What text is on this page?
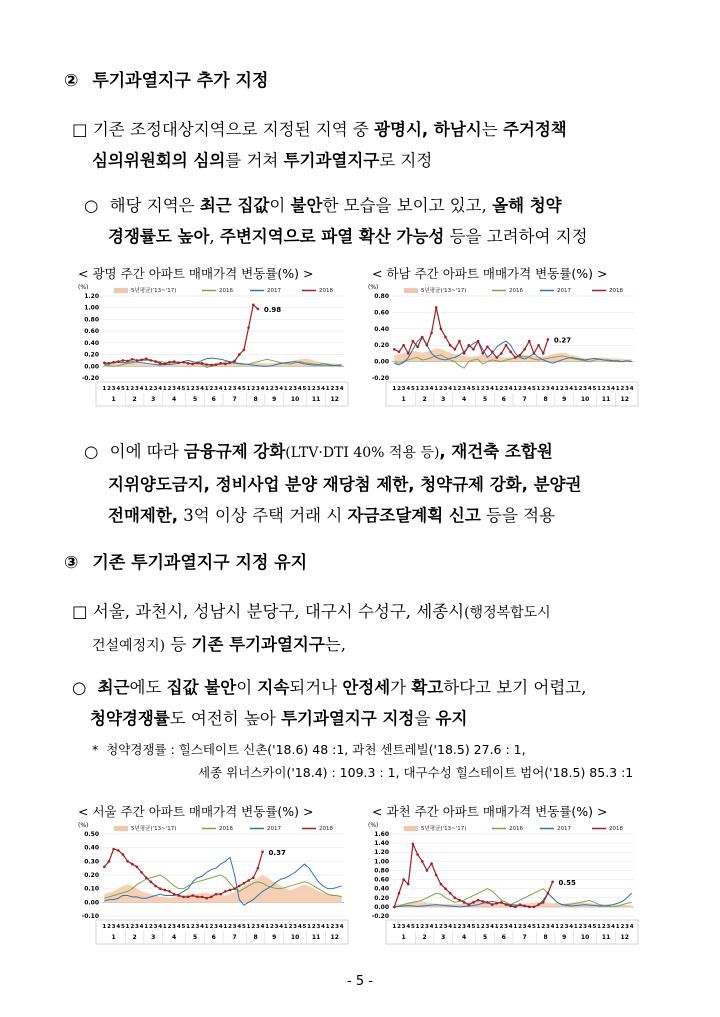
② 투기과열지구 추가 지정
□ 기존 조정대상지역으로 지정된 지역 중 광명시, 하남시는 주거정책
심의위원회의 심의를 거쳐 투기과열지구로 지정
○ 해당 지역은 최근 집값이 불안한 모습을 보이고 있고, 올해 청약
경쟁률도 높아, 주변지역으로 파열 확산 가능성 등을 고려하여 지정
< 광명 주간 아파트 매매가격 변동률(%) >
(%)	5년평균('13~'17)	2016	2017	2018
1.20
1.00
0.80
0.60
0.40
0.20
0.00
-0.20
0.98
1 2 3 4 5
1
1 2 3 4
2
1 2 3 4
3
1 2 3 4 5
4
1 2 3 4
5
1 2 3 4
6
1 2 3 4 5
7
1 2 3 4
8
1 2 3 4
9
1 2 3 4 5
10
1 2 3 4
11
1 2 3 4
12
< 하남 주간 아파트 매매가격 변동률(%) >
(%)	5년평균('13~'17)	2016	2017	2018
0.80
0.60
0.40
0.20
0.00
-0.20
0.27
1 2 3 4 5
1
1 2 3 4
2
1 2 3 4
3
1 2 3 4 5
4
1 2 3 4
5
1 2 3 4
6
1 2 3 4 5
7
1 2 3 4
8
1 2 3 4
9
1 2 3 4 5
10
1 2 3 4
11
1 2 3 4
12
○ 이에 따라 금융규제 강화(LTV·DTI 40% 적용 등), 재건축 조합원
지위양도금지, 정비사업 분양 재당첨 제한, 청약규제 강화, 분양권
전매제한, 3억 이상 주택 거래 시 자금조달계획 신고 등을 적용
③ 기존 투기과열지구 지정 유지
□ 서울, 과천시, 성남시 분당구, 대구시 수성구, 세종시(행정복합도시
건설예정지) 등 기존 투기과열지구는,
○ 최근에도 집값 불안이 지속되거나 안정세가 확고하다고 보기 어렵고,
청약경쟁률도 여전히 높아 투기과열지구 지정을 유지
* 청약경쟁률 : 힐스테이트 신촌('18.6) 48 :1, 과천 센트레빌('18.5) 27.6 : 1,
세종 위너스카이('18.4) : 109.3 : 1, 대구수성 힐스테이트 범어('18.5) 85.3 :1
< 서울 주간 아파트 매매가격 변동률(%) >
(%)	5년평균('13~'17)	2016	2017	2018
0.50
0.40
0.30
0.20
0.10
0.00
-0.10
0.37
1 2 3 4 5
1
1 2 3 4
2
1 2 3 4
3
1 2 3 4 5
4
1 2 3 4
5
1 2 3 4
6
1 2 3 4 5
7
1 2 3 4
8
1 2 3 4
9
1 2 3 4 5
10
1 2 3 4
11
1 2 3 4
12
< 과천 주간 아파트 매매가격 변동률(%) >
(%)	5년평균('13~'17)	2016	2017	2018
1.60
1.40
1.20
1.00
0.80
0.60
0.40
0.20
0.00
-0.20
0.55
1 2 3 4 5
1
1 2 3 4
2
1 2 3 4
3
1 2 3 4 5
4
1 2 3 4
5
1 2 3 4
6
1 2 3 4 5
7
1 2 3 4
8
1 2 3 4
9
1 2 3 4 5
10
1 2 3 4
11
1 2 3 4
12
- 5 -
